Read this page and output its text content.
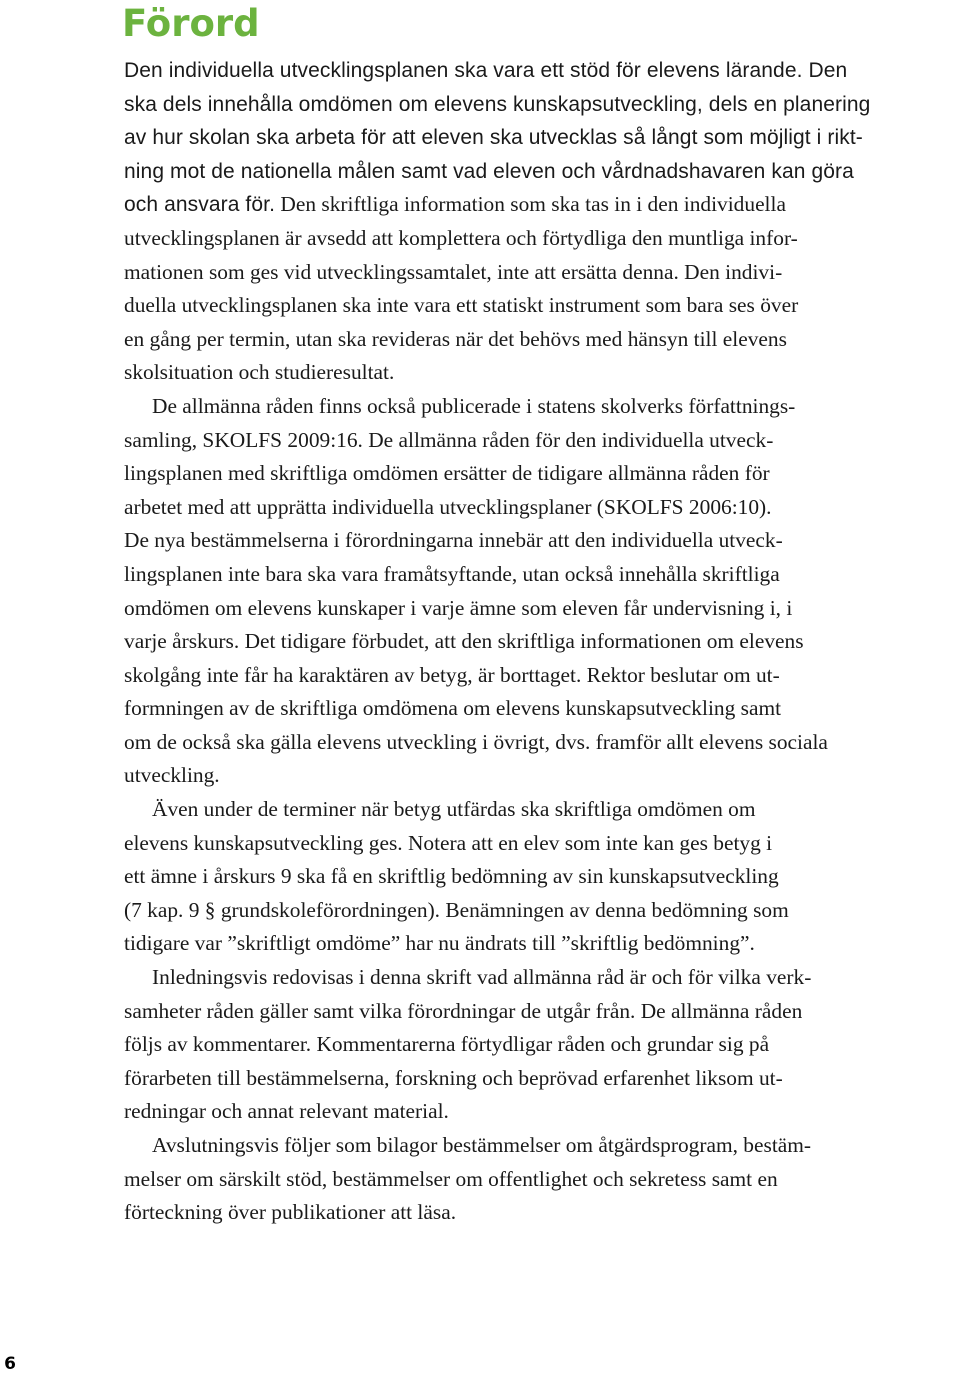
Förord

Den individuella utvecklingsplanen ska vara ett stöd för elevens lärande. Den

ska dels innehålla omdömen om elevens kunskapsutveckling, dels en planering

av hur skolan ska arbeta för att eleven ska utvecklas så långt som möjligt i rikt-

ning mot de nationella målen samt vad eleven och vårdnadshavaren kan göra

och ansvara för. Den skriftliga information som ska tas in i den individuella

utvecklingsplanen är avsedd att komplettera och förtydliga den muntliga infor-

mationen som ges vid utvecklingssamtalet, inte att ersätta denna. Den indivi-

duella utvecklingsplanen ska inte vara ett statiskt instrument som bara ses över

en gång per termin, utan ska revideras när det behövs med hänsyn till elevens

skolsituation och studieresultat.

De allmänna råden finns också publicerade i statens skolverks författnings-

samling, SKOLFS 2009:16. De allmänna råden för den individuella utveck-

lingsplanen med skriftliga omdömen ersätter de tidigare allmänna råden för

arbetet med att upprätta individuella utvecklingsplaner (SKOLFS 2006:10).

De nya bestämmelserna i förordningarna innebär att den individuella utveck-

lingsplanen inte bara ska vara framåtsyftande, utan också innehålla skriftliga

omdömen om elevens kunskaper i varje ämne som eleven får undervisning i, i

varje årskurs. Det tidigare förbudet, att den skriftliga informationen om elevens

skolgång inte får ha karaktären av betyg, är borttaget. Rektor beslutar om ut-

formningen av de skriftliga omdömena om elevens kunskapsutveckling samt

om de också ska gälla elevens utveckling i övrigt, dvs. framför allt elevens sociala

utveckling.

Även under de terminer när betyg utfärdas ska skriftliga omdömen om

elevens kunskapsutveckling ges. Notera att en elev som inte kan ges betyg i

ett ämne i årskurs 9 ska få en skriftlig bedömning av sin kunskapsutveckling

(7 kap. 9 § grundskoleförordningen). Benämningen av denna bedömning som

tidigare var ”skriftligt omdöme” har nu ändrats till ”skriftlig bedömning”.

Inledningsvis redovisas i denna skrift vad allmänna råd är och för vilka verk-

samheter råden gäller samt vilka förordningar de utgår från. De allmänna råden

följs av kommentarer. Kommentarerna förtydligar råden och grundar sig på

förarbeten till bestämmelserna, forskning och beprövad erfarenhet liksom ut-

redningar och annat relevant material.

Avslutningsvis följer som bilagor bestämmelser om åtgärdsprogram, bestäm-

melser om särskilt stöd, bestämmelser om offentlighet och sekretess samt en

förteckning över publikationer att läsa.

6
